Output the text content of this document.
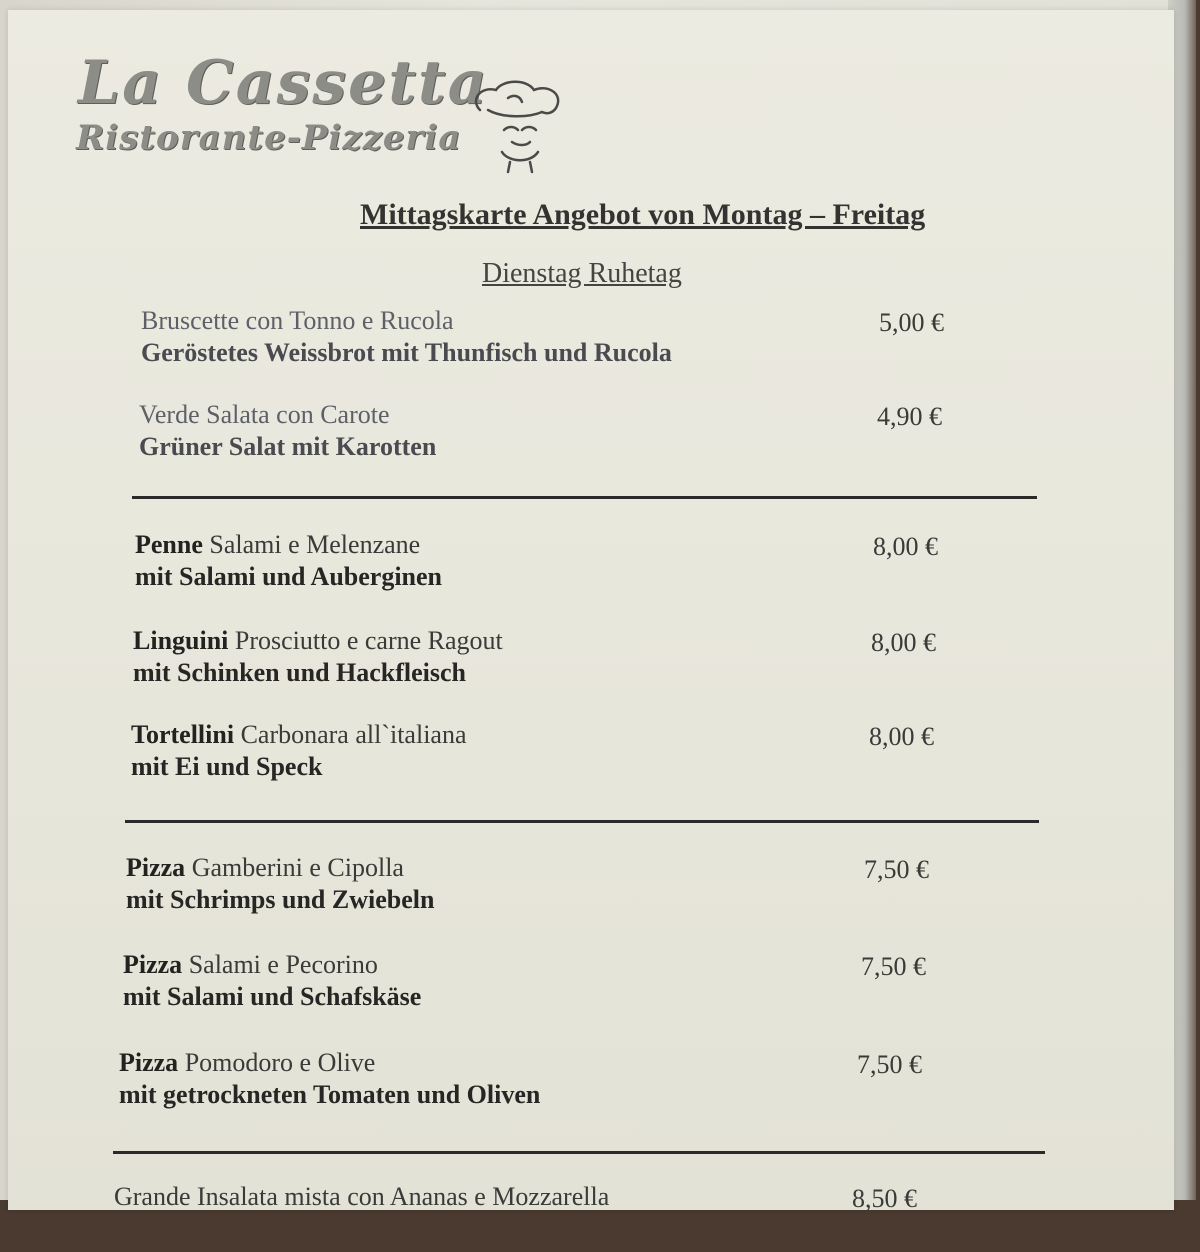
La Cassetta
Ristorante-Pizzeria
Mittagskarte Angebot von Montag – Freitag
Dienstag Ruhetag
Bruscette con Tonno e Rucola
Geröstetes Weissbrot mit Thunfisch und Rucola
5,00 €
Verde Salata con Carote
Grüner Salat mit Karotten
4,90 €
Penne Salami e Melenzane
mit Salami und Auberginen
8,00 €
Linguini Prosciutto e carne Ragout
mit Schinken und Hackfleisch
8,00 €
Tortellini Carbonara all`italiana
mit Ei und Speck
8,00 €
Pizza Gamberini e Cipolla
mit Schrimps und Zwiebeln
7,50 €
Pizza Salami e Pecorino
mit Salami und Schafskäse
7,50 €
Pizza Pomodoro e Olive
mit getrockneten Tomaten und Oliven
7,50 €
Grande Insalata mista con Ananas e Mozzarella	8,50 €
